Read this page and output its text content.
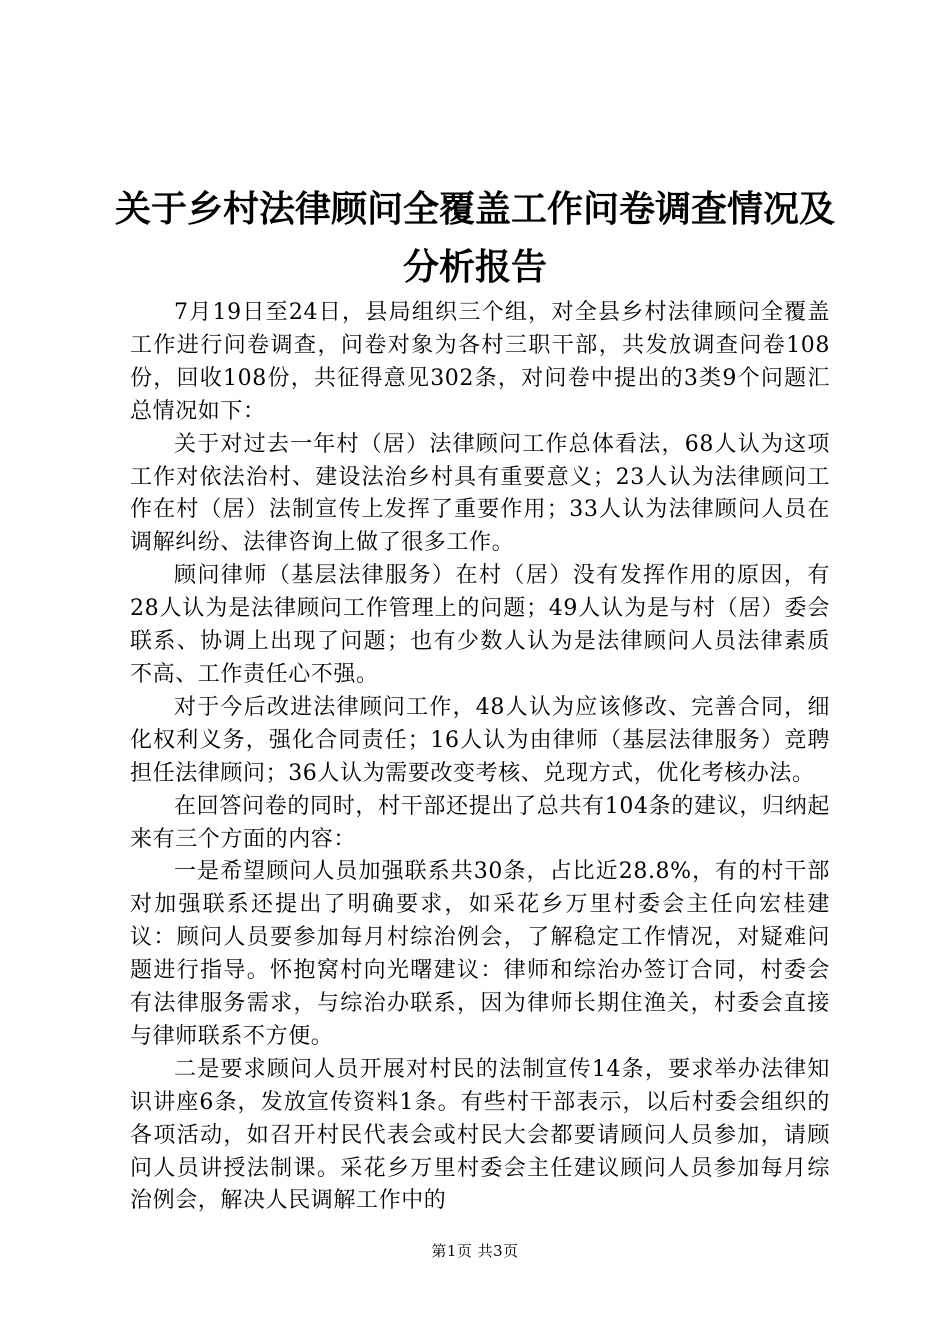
关于乡村法律顾问全覆盖工作问卷调查情况及
分析报告

7月19日至24日，县局组织三个组，对全县乡村法律顾问全覆盖工作进行问卷调查，问卷对象为各村三职干部，共发放调查问卷108份，回收108份，共征得意见302条，对问卷中提出的3类9个问题汇总情况如下：

关于对过去一年村（居）法律顾问工作总体看法，68人认为这项工作对依法治村、建设法治乡村具有重要意义；23人认为法律顾问工作在村（居）法制宣传上发挥了重要作用；33人认为法律顾问人员在调解纠纷、法律咨询上做了很多工作。

顾问律师（基层法律服务）在村（居）没有发挥作用的原因，有28人认为是法律顾问工作管理上的问题；49人认为是与村（居）委会联系、协调上出现了问题；也有少数人认为是法律顾问人员法律素质不高、工作责任心不强。

对于今后改进法律顾问工作，48人认为应该修改、完善合同，细化权利义务，强化合同责任；16人认为由律师（基层法律服务）竞聘担任法律顾问；36人认为需要改变考核、兑现方式，优化考核办法。

在回答问卷的同时，村干部还提出了总共有104条的建议，归纳起来有三个方面的内容：

一是希望顾问人员加强联系共30条，占比近28.8%，有的村干部对加强联系还提出了明确要求，如采花乡万里村委会主任向宏桂建议：顾问人员要参加每月村综治例会，了解稳定工作情况，对疑难问题进行指导。怀抱窝村向光曙建议：律师和综治办签订合同，村委会有法律服务需求，与综治办联系，因为律师长期住渔关，村委会直接与律师联系不方便。

二是要求顾问人员开展对村民的法制宣传14条，要求举办法律知识讲座6条，发放宣传资料1条。有些村干部表示，以后村委会组织的各项活动，如召开村民代表会或村民大会都要请顾问人员参加，请顾问人员讲授法制课。采花乡万里村委会主任建议顾问人员参加每月综治例会，解决人民调解工作中的

第1页 共3页
